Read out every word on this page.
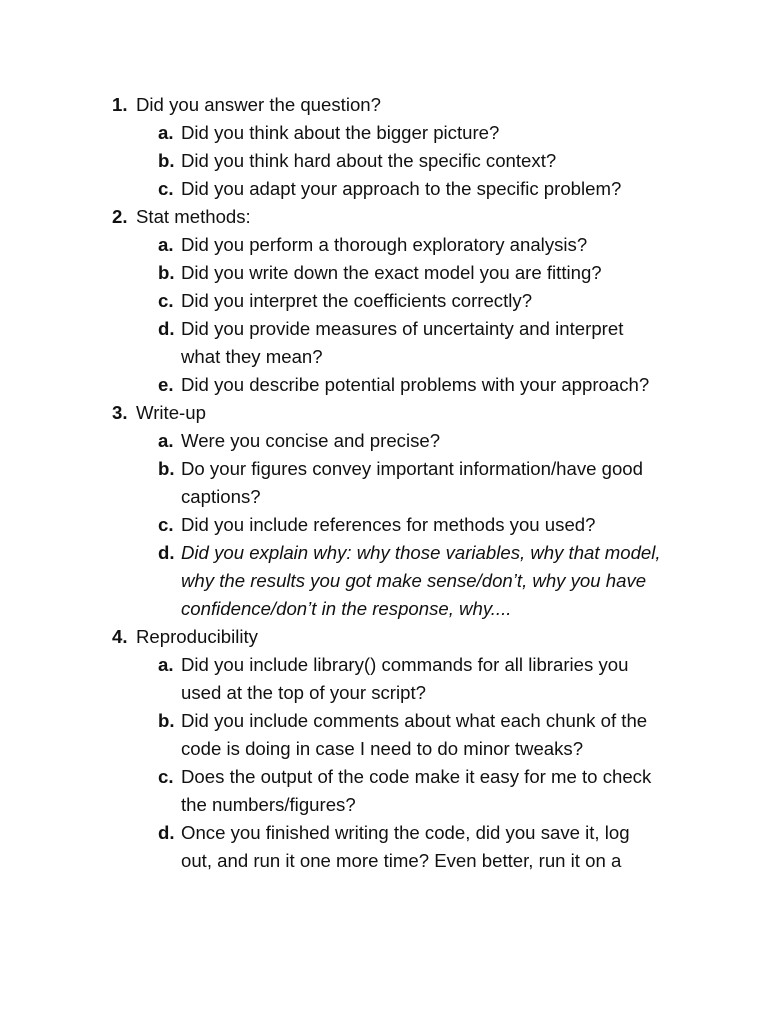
1. Did you answer the question?
a. Did you think about the bigger picture?
b. Did you think hard about the specific context?
c. Did you adapt your approach to the specific problem?
2. Stat methods:
a. Did you perform a thorough exploratory analysis?
b. Did you write down the exact model you are fitting?
c. Did you interpret the coefficients correctly?
d. Did you provide measures of uncertainty and interpret what they mean?
e. Did you describe potential problems with your approach?
3. Write-up
a. Were you concise and precise?
b. Do your figures convey important information/have good captions?
c. Did you include references for methods you used?
d. Did you explain why: why those variables, why that model, why the results you got make sense/don’t, why you have confidence/don’t in the response, why....
4. Reproducibility
a. Did you include library() commands for all libraries you used at the top of your script?
b. Did you include comments about what each chunk of the code is doing in case I need to do minor tweaks?
c. Does the output of the code make it easy for me to check the numbers/figures?
d. Once you finished writing the code, did you save it, log out, and run it one more time? Even better, run it on a
